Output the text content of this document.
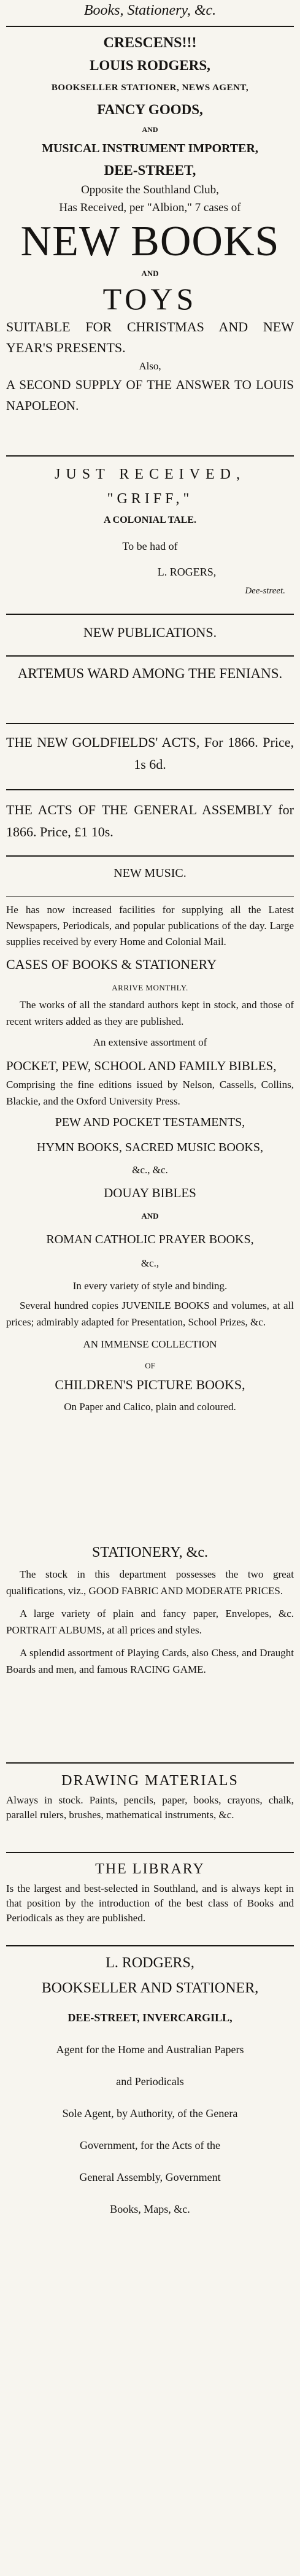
Books, Stationery, &c.

CRESCENS!!!

LOUIS RODGERS,

BOOKSELLER STATIONER, NEWS AGENT,

FANCY GOODS,

AND

MUSICAL INSTRUMENT IMPORTER,

DEE-STREET,

Opposite the Southland Club,

Has Received, per "Albion," 7 cases of

NEW BOOKS

AND

TOYS

SUITABLE FOR CHRISTMAS AND NEW YEAR'S PRESENTS.

Also,

A SECOND SUPPLY OF THE ANSWER TO LOUIS NAPOLEON.

JUST RECEIVED,

"GRIFF,"

A COLONIAL TALE.

To be had of

L. ROGERS,

Dee-street.

NEW PUBLICATIONS.

ARTEMUS WARD AMONG THE FENIANS.

THE NEW GOLDFIELDS' ACTS, For 1866. Price, 1s 6d.

THE ACTS OF THE GENERAL ASSEMBLY for 1866. Price, £1 10s.

NEW MUSIC.

He has now increased facilities for supplying all the Latest Newspapers, Periodicals, and popular publications of the day. Large supplies received by every Home and Colonial Mail.

CASES OF BOOKS & STATIONERY

ARRIVE MONTHLY.

The works of all the standard authors kept in stock, and those of recent writers added as they are published.

An extensive assortment of

POCKET, PEW, SCHOOL AND FAMILY BIBLES,

Comprising the fine editions issued by Nelson, Cassells, Collins, Blackie, and the Oxford University Press.

PEW AND POCKET TESTAMENTS,

HYMN BOOKS, SACRED MUSIC BOOKS,

&c., &c.

DOUAY BIBLES

AND

ROMAN CATHOLIC PRAYER BOOKS,

&c.,

In every variety of style and binding.

Several hundred copies JUVENILE BOOKS and volumes, at all prices; admirably adapted for Presentation, School Prizes, &c.

AN IMMENSE COLLECTION

OF

CHILDREN'S PICTURE BOOKS,

On Paper and Calico, plain and coloured.

STATIONERY, &c.

The stock in this department possesses the two great qualifications, viz., GOOD FABRIC AND MODERATE PRICES.

A large variety of plain and fancy paper, Envelopes, &c. PORTRAIT ALBUMS, at all prices and styles.

A splendid assortment of Playing Cards, also Chess, and Draught Boards and men, and famous RACING GAME.

DRAWING MATERIALS

Always in stock. Paints, pencils, paper, books, crayons, chalk, parallel rulers, brushes, mathematical instruments, &c.

THE LIBRARY

Is the largest and best-selected in Southland, and is always kept in that position by the introduction of the best class of Books and Periodicals as they are published.

L. RODGERS,

BOOKSELLER AND STATIONER,

DEE-STREET, INVERCARGILL,

Agent for the Home and Australian Papers

and Periodicals

Sole Agent, by Authority, of the Genera

Government, for the Acts of the

General Assembly, Government

Books, Maps, &c.
